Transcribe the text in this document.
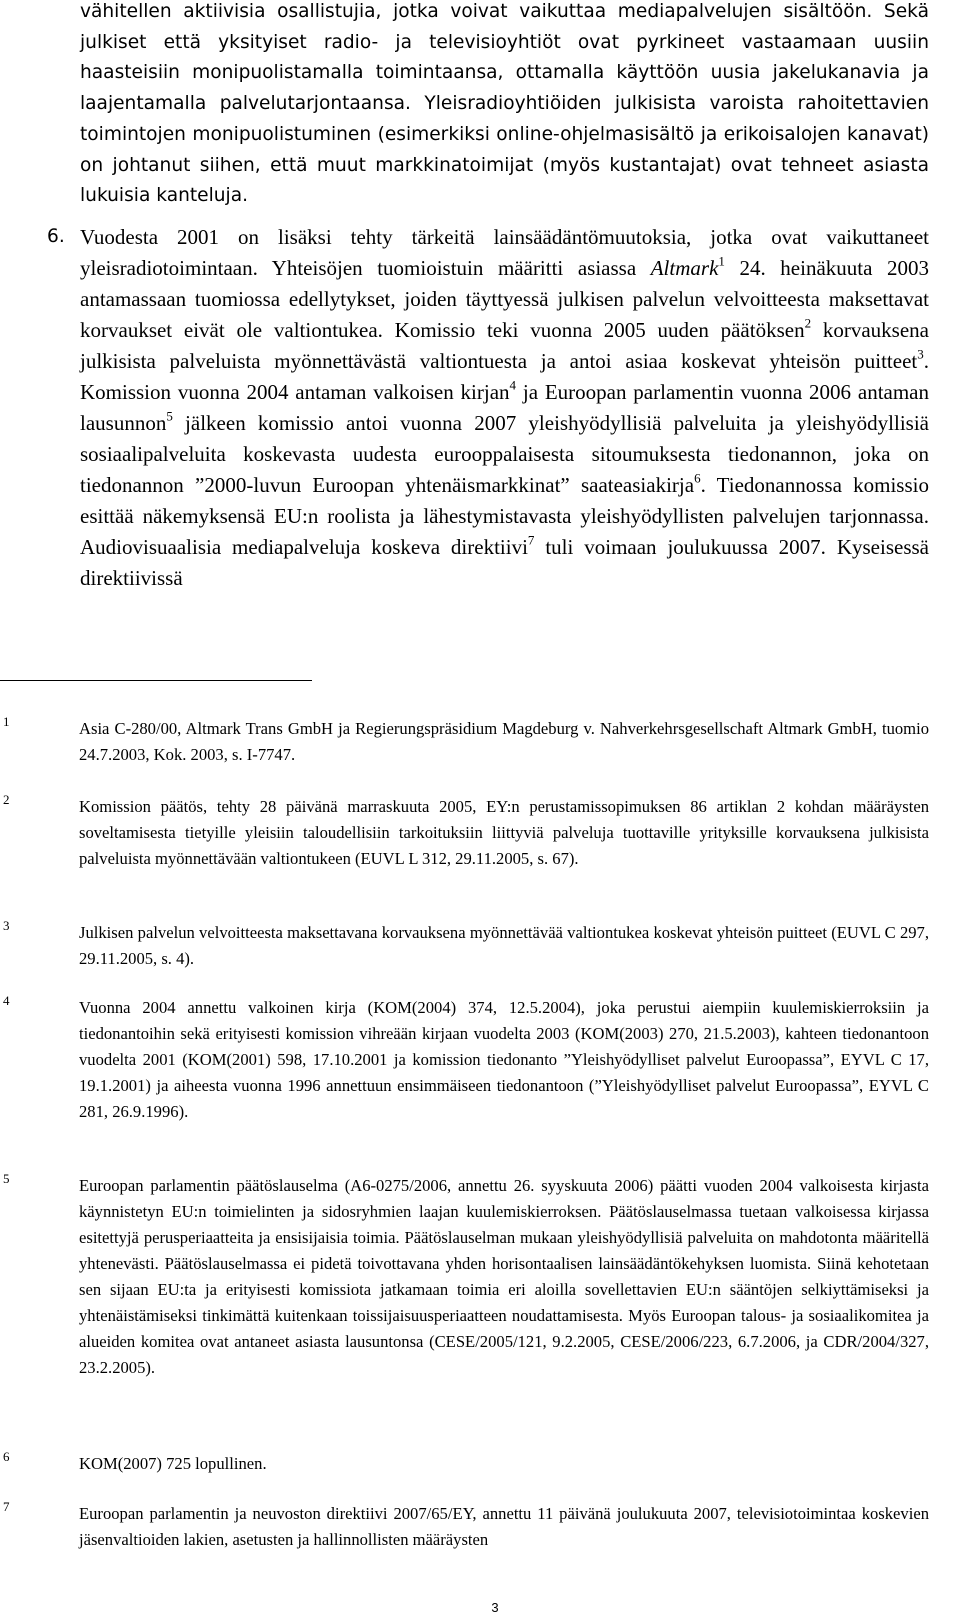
vähitellen aktiivisia osallistujia, jotka voivat vaikuttaa mediapalvelujen sisältöön. Sekä julkiset että yksityiset radio- ja televisioyhtiöt ovat pyrkineet vastaamaan uusiin haasteisiin monipuolistamalla toimintaansa, ottamalla käyttöön uusia jakelukanavia ja laajentamalla palvelutarjontaansa. Yleisradioyhtiöiden julkisista varoista rahoitettavien toimintojen monipuolistuminen (esimerkiksi online-ohjelmasisältö ja erikoisalojen kanavat) on johtanut siihen, että muut markkinatoimijat (myös kustantajat) ovat tehneet asiasta lukuisia kanteluja.

6. Vuodesta 2001 on lisäksi tehty tärkeitä lainsäädäntömuutoksia, jotka ovat vaikuttaneet yleisradiotoimintaan. Yhteisöjen tuomioistuin määritti asiassa Altmark$^1$ 24. heinäkuuta 2003 antamassaan tuomiossa edellytykset, joiden täyttyessä julkisen palvelun velvoitteesta maksettavat korvaukset eivät ole valtiontukea. Komissio teki vuonna 2005 uuden päätöksen$^2$ korvauksena julkisista palveluista myönnettävästä valtiontuesta ja antoi asiaa koskevat yhteisön puitteet$^3$. Komission vuonna 2004 antaman valkoisen kirjan$^4$ ja Euroopan parlamentin vuonna 2006 antaman lausunnon$^5$ jälkeen komissio antoi vuonna 2007 yleishyödyllisiä palveluita ja yleishyödyllisiä sosiaalipalveluita koskevasta uudesta eurooppalaisesta sitoumuksesta tiedonannon, joka on tiedonannon ”2000-luvun Euroopan yhtenäismarkkinat” saateasiakirja$^6$. Tiedonannossa komissio esittää näkemyksensä EU:n roolista ja lähestymistavasta yleishyödyllisten palvelujen tarjonnassa. Audiovisuaalisia mediapalveluja koskeva direktiivi$^7$ tuli voimaan joulukuussa 2007. Kyseisessä direktiivissä

1	Asia C-280/00, Altmark Trans GmbH ja Regierungspräsidium Magdeburg v. Nahverkehrsgesellschaft Altmark GmbH, tuomio 24.7.2003, Kok. 2003, s. I-7747.

2	Komission päätös, tehty 28 päivänä marraskuuta 2005, EY:n perustamissopimuksen 86 artiklan 2 kohdan määräysten soveltamisesta tietyille yleisiin taloudellisiin tarkoituksiin liittyviä palveluja tuottaville yrityksille korvauksena julkisista palveluista myönnettävään valtiontukeen (EUVL L 312, 29.11.2005, s. 67).

3	Julkisen palvelun velvoitteesta maksettavana korvauksena myönnettävää valtiontukea koskevat yhteisön puitteet (EUVL C 297, 29.11.2005, s. 4).

4	Vuonna 2004 annettu valkoinen kirja (KOM(2004) 374, 12.5.2004), joka perustui aiempiin kuulemiskierroksiin ja tiedonantoihin sekä erityisesti komission vihreään kirjaan vuodelta 2003 (KOM(2003) 270, 21.5.2003), kahteen tiedonantoon vuodelta 2001 (KOM(2001) 598, 17.10.2001 ja komission tiedonanto ”Yleishyödylliset palvelut Euroopassa”, EYVL C 17, 19.1.2001) ja aiheesta vuonna 1996 annettuun ensimmäiseen tiedonantoon (”Yleishyödylliset palvelut Euroopassa”, EYVL C 281, 26.9.1996).

5	Euroopan parlamentin päätöslauselma (A6-0275/2006, annettu 26. syyskuuta 2006) päätti vuoden 2004 valkoisesta kirjasta käynnistetyn EU:n toimielinten ja sidosryhmien laajan kuulemiskierroksen. Päätöslauselmassa tuetaan valkoisessa kirjassa esitettyjä perusperiaatteita ja ensisijaisia toimia. Päätöslauselman mukaan yleishyödyllisiä palveluita on mahdotonta määritellä yhtenevästi. Päätöslauselmassa ei pidetä toivottavana yhden horisontaalisen lainsäädäntökehyksen luomista. Siinä kehotetaan sen sijaan EU:ta ja erityisesti komissiota jatkamaan toimia eri aloilla sovellettavien EU:n sääntöjen selkiyttämiseksi ja yhtenäistämiseksi tinkimättä kuitenkaan toissijaisuusperiaatteen noudattamisesta. Myös Euroopan talous- ja sosiaalikomitea ja alueiden komitea ovat antaneet asiasta lausuntonsa (CESE/2005/121, 9.2.2005, CESE/2006/223, 6.7.2006, ja CDR/2004/327, 23.2.2005).

6	KOM(2007) 725 lopullinen.

7	Euroopan parlamentin ja neuvoston direktiivi 2007/65/EY, annettu 11 päivänä joulukuuta 2007, televisiotoimintaa koskevien jäsenvaltioiden lakien, asetusten ja hallinnollisten määräysten

3
